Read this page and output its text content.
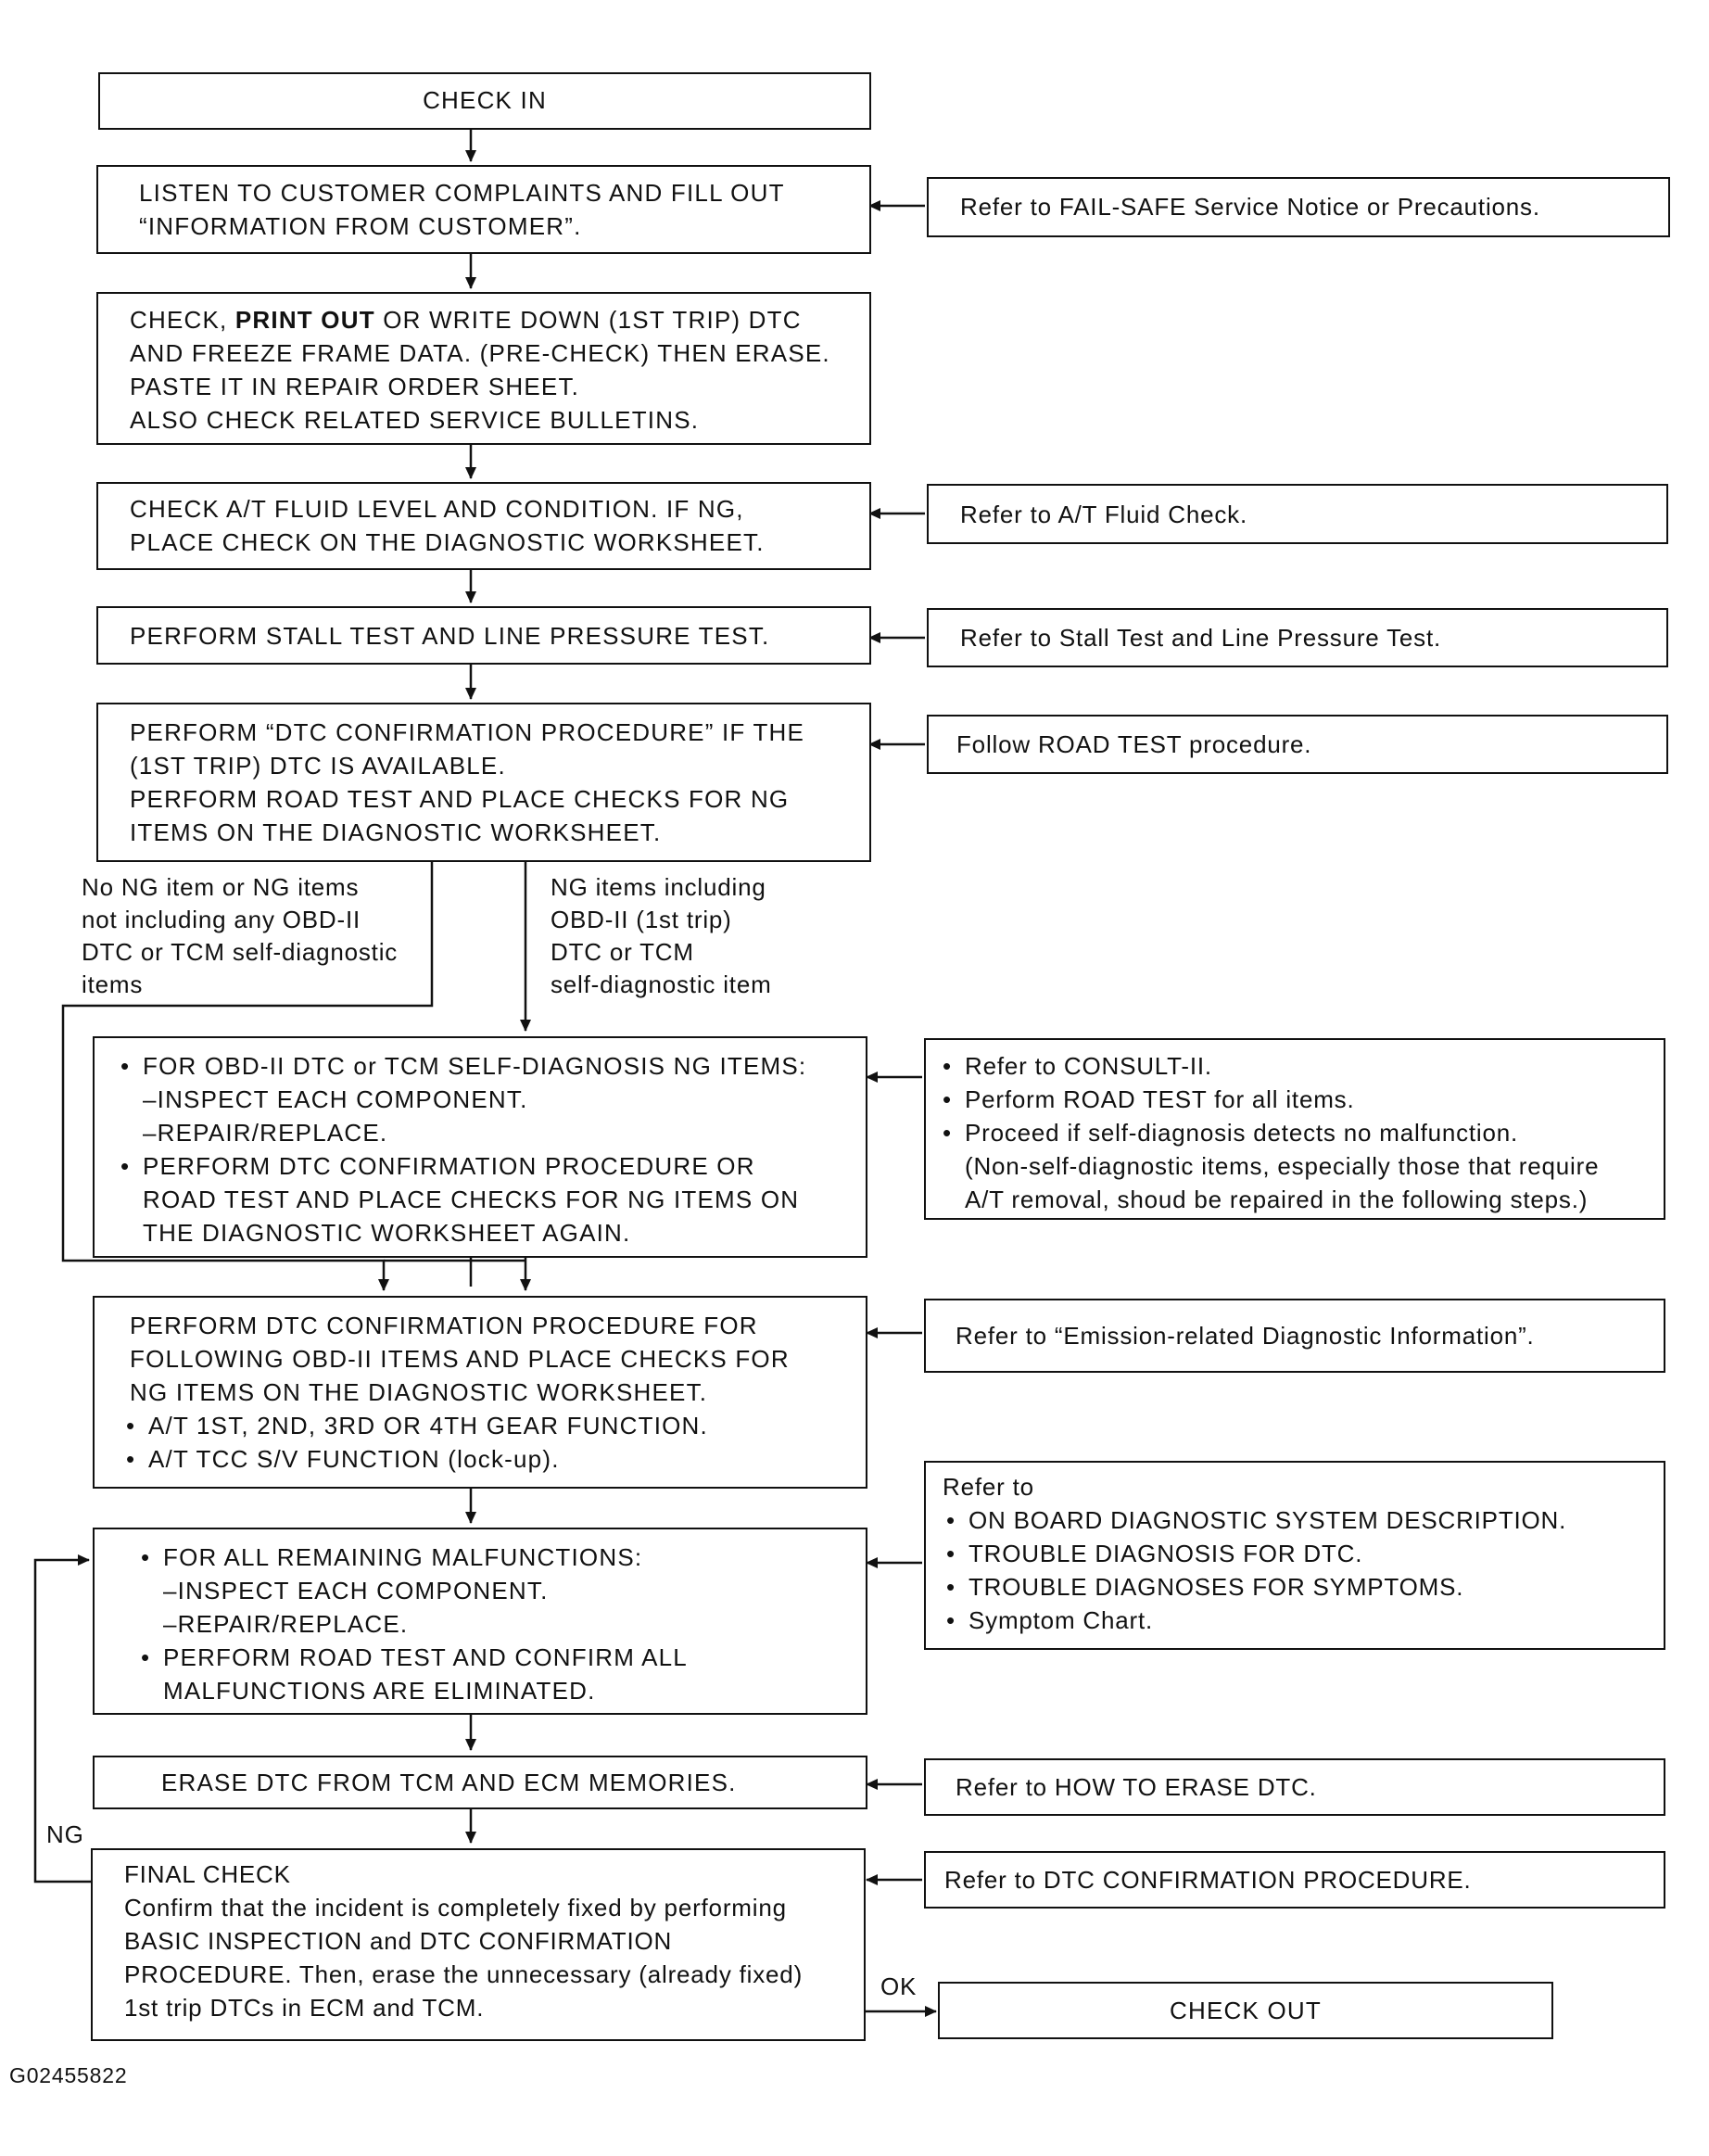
CHECK IN
LISTEN TO CUSTOMER COMPLAINTS AND FILL OUT
“INFORMATION FROM CUSTOMER”.
CHECK, PRINT OUT OR WRITE DOWN (1ST TRIP) DTC
AND FREEZE FRAME DATA. (PRE-CHECK) THEN ERASE.
PASTE IT IN REPAIR ORDER SHEET.
ALSO CHECK RELATED SERVICE BULLETINS.
CHECK A/T FLUID LEVEL AND CONDITION. IF NG,
PLACE CHECK ON THE DIAGNOSTIC WORKSHEET.
PERFORM STALL TEST AND LINE PRESSURE TEST.
PERFORM “DTC CONFIRMATION PROCEDURE” IF THE
(1ST TRIP) DTC IS AVAILABLE.
PERFORM ROAD TEST AND PLACE CHECKS FOR NG
ITEMS ON THE DIAGNOSTIC WORKSHEET.
No NG item or NG items
not including any OBD-II
DTC or TCM self-diagnostic
items
NG items including
OBD-II (1st trip)
DTC or TCM
self-diagnostic item
• FOR OBD-II DTC or TCM SELF-DIAGNOSIS NG ITEMS:
–INSPECT EACH COMPONENT.
–REPAIR/REPLACE.
• PERFORM DTC CONFIRMATION PROCEDURE OR
ROAD TEST AND PLACE CHECKS FOR NG ITEMS ON
THE DIAGNOSTIC WORKSHEET AGAIN.
PERFORM DTC CONFIRMATION PROCEDURE FOR
FOLLOWING OBD-II ITEMS AND PLACE CHECKS FOR
NG ITEMS ON THE DIAGNOSTIC WORKSHEET.
• A/T 1ST, 2ND, 3RD OR 4TH GEAR FUNCTION.
• A/T TCC S/V FUNCTION (lock-up).
• FOR ALL REMAINING MALFUNCTIONS:
–INSPECT EACH COMPONENT.
–REPAIR/REPLACE.
• PERFORM ROAD TEST AND CONFIRM ALL
MALFUNCTIONS ARE ELIMINATED.
ERASE DTC FROM TCM AND ECM MEMORIES.
FINAL CHECK
Confirm that the incident is completely fixed by performing
BASIC INSPECTION and DTC CONFIRMATION
PROCEDURE. Then, erase the unnecessary (already fixed)
1st trip DTCs in ECM and TCM.
NG
OK
CHECK OUT
Refer to FAIL-SAFE Service Notice or Precautions.
Refer to A/T Fluid Check.
Refer to Stall Test and Line Pressure Test.
Follow ROAD TEST procedure.
• Refer to CONSULT-II.
• Perform ROAD TEST for all items.
• Proceed if self-diagnosis detects no malfunction.
(Non-self-diagnostic items, especially those that require
A/T removal, shoud be repaired in the following steps.)
Refer to “Emission-related Diagnostic Information”.
Refer to
• ON BOARD DIAGNOSTIC SYSTEM DESCRIPTION.
• TROUBLE DIAGNOSIS FOR DTC.
• TROUBLE DIAGNOSES FOR SYMPTOMS.
• Symptom Chart.
Refer to HOW TO ERASE DTC.
Refer to DTC CONFIRMATION PROCEDURE.
G02455822
